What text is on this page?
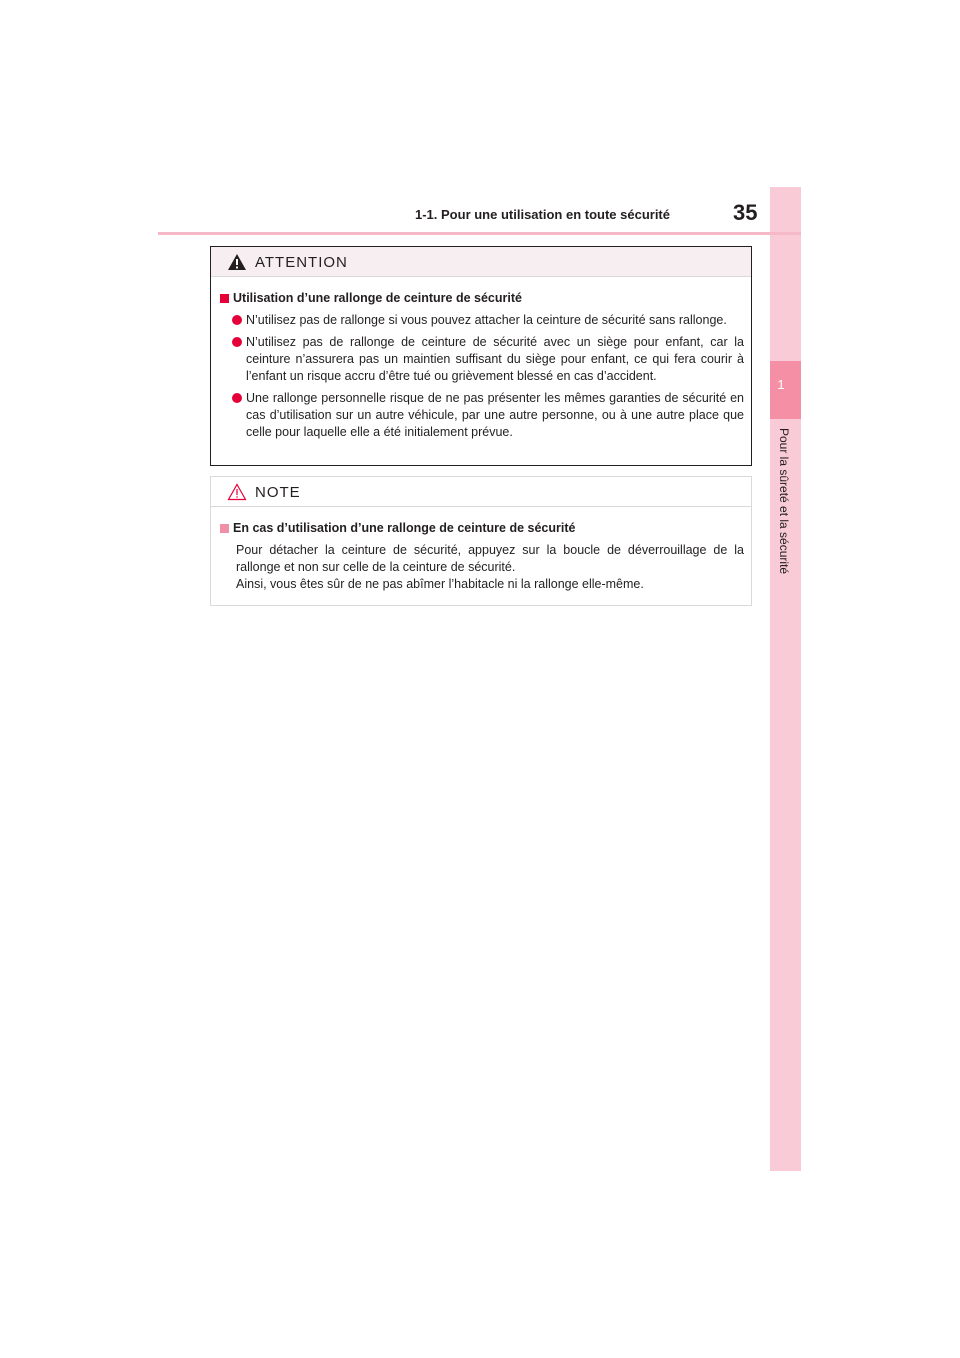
1-1. Pour une utilisation en toute sécurité	35
1
Pour la sûreté et la sécurité
ATTENTION
Utilisation d’une rallonge de ceinture de sécurité
N’utilisez pas de rallonge si vous pouvez attacher la ceinture de sécurité sans rallonge.
N’utilisez pas de rallonge de ceinture de sécurité avec un siège pour enfant, car la ceinture n’assurera pas un maintien suffisant du siège pour enfant, ce qui fera courir à l’enfant un risque accru d’être tué ou grièvement blessé en cas d’accident.
Une rallonge personnelle risque de ne pas présenter les mêmes garanties de sécurité en cas d’utilisation sur un autre véhicule, par une autre personne, ou à une autre place que celle pour laquelle elle a été initialement prévue.
NOTE
En cas d’utilisation d’une rallonge de ceinture de sécurité
Pour détacher la ceinture de sécurité, appuyez sur la boucle de déverrouillage de la rallonge et non sur celle de la ceinture de sécurité.
Ainsi, vous êtes sûr de ne pas abîmer l’habitacle ni la rallonge elle-même.
